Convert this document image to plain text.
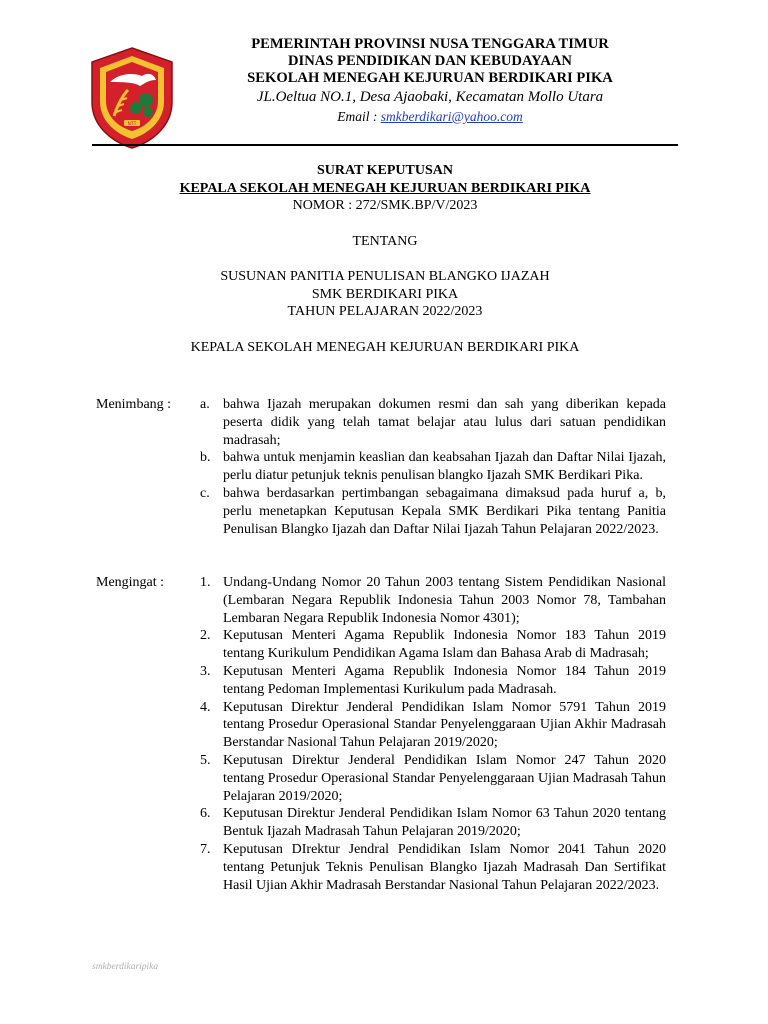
NTT
PEMERINTAH PROVINSI NUSA TENGGARA TIMUR
DINAS PENDIDIKAN DAN KEBUDAYAAN
SEKOLAH MENEGAH KEJURUAN BERDIKARI PIKA
JL.Oeltua NO.1, Desa Ajaobaki, Kecamatan Mollo Utara
Email : smkberdikari@yahoo.com
SURAT KEPUTUSAN
KEPALA SEKOLAH MENEGAH KEJURUAN BERDIKARI PIKA
NOMOR : 272/SMK.BP/V/2023
TENTANG
SUSUNAN PANITIA PENULISAN BLANGKO IJAZAH
SMK BERDIKARI PIKA
TAHUN PELAJARAN 2022/2023
KEPALA SEKOLAH MENEGAH KEJURUAN BERDIKARI PIKA
Menimbang :	a. bahwa Ijazah merupakan dokumen resmi dan sah yang diberikan kepada peserta didik yang telah tamat belajar atau lulus dari satuan pendidikan madrasah;
b. bahwa untuk menjamin keaslian dan keabsahan Ijazah dan Daftar Nilai Ijazah, perlu diatur petunjuk teknis penulisan blangko Ijazah SMK Berdikari Pika.
c. bahwa berdasarkan pertimbangan sebagaimana dimaksud pada huruf a, b, perlu menetapkan Keputusan Kepala SMK Berdikari Pika tentang Panitia Penulisan Blangko Ijazah dan Daftar Nilai Ijazah Tahun Pelajaran 2022/2023.
Mengingat :	1. Undang-Undang Nomor 20 Tahun 2003 tentang Sistem Pendidikan Nasional (Lembaran Negara Republik Indonesia Tahun 2003 Nomor 78, Tambahan Lembaran Negara Republik Indonesia Nomor 4301);
2. Keputusan Menteri Agama Republik Indonesia Nomor 183 Tahun 2019 tentang Kurikulum Pendidikan Agama Islam dan Bahasa Arab di Madrasah;
3. Keputusan Menteri Agama Republik Indonesia Nomor 184 Tahun 2019 tentang Pedoman Implementasi Kurikulum pada Madrasah.
4. Keputusan Direktur Jenderal Pendidikan Islam Nomor 5791 Tahun 2019 tentang Prosedur Operasional Standar Penyelenggaraan Ujian Akhir Madrasah Berstandar Nasional Tahun Pelajaran 2019/2020;
5. Keputusan Direktur Jenderal Pendidikan Islam Nomor 247 Tahun 2020 tentang Prosedur Operasional Standar Penyelenggaraan Ujian Madrasah Tahun Pelajaran 2019/2020;
6. Keputusan Direktur Jenderal Pendidikan Islam Nomor 63 Tahun 2020 tentang Bentuk Ijazah Madrasah Tahun Pelajaran 2019/2020;
7. Keputusan DIrektur Jendral Pendidikan Islam Nomor 2041 Tahun 2020 tentang Petunjuk Teknis Penulisan Blangko Ijazah Madrasah Dan Sertifikat Hasil Ujian Akhir Madrasah Berstandar Nasional Tahun Pelajaran 2022/2023.
smkberdikaripika
